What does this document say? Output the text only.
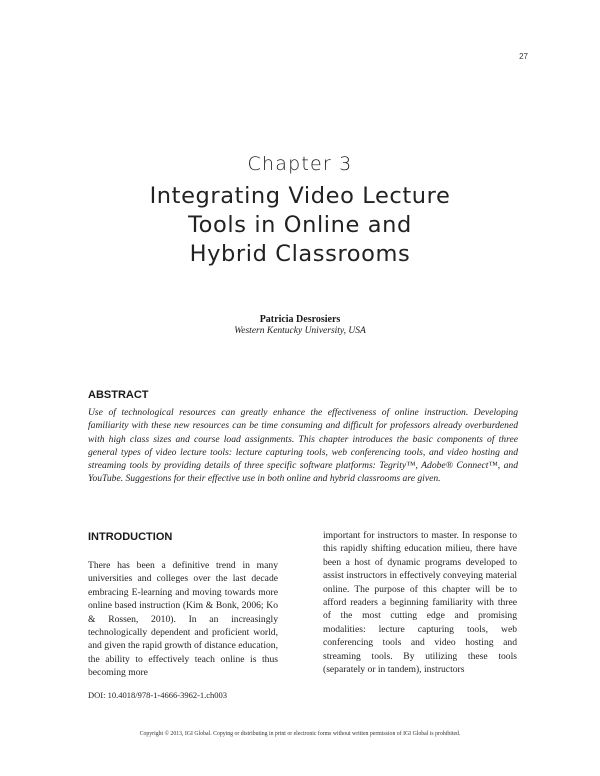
27
Chapter 3
Integrating Video Lecture
Tools in Online and
Hybrid Classrooms
Patricia Desrosiers
Western Kentucky University, USA
ABSTRACT

Use of technological resources can greatly enhance the effectiveness of online instruction. Developing familiarity with these new resources can be time consuming and difficult for professors already overburdened with high class sizes and course load assignments. This chapter introduces the basic components of three general types of video lecture tools: lecture capturing tools, web conferencing tools, and video hosting and streaming tools by providing details of three specific software platforms: Tegrity™, Adobe® Connect™, and YouTube. Suggestions for their effective use in both online and hybrid classrooms are given.

INTRODUCTION

There has been a definitive trend in many universities and colleges over the last decade embracing E-learning and moving towards more online based instruction (Kim & Bonk, 2006; Ko & Rossen, 2010). In an increasingly technologically dependent and proficient world, and given the rapid growth of distance education, the ability to effectively teach online is thus becoming more

important for instructors to master. In response to this rapidly shifting education milieu, there have been a host of dynamic programs developed to assist instructors in effectively conveying material online. The purpose of this chapter will be to afford readers a beginning familiarity with three of the most cutting edge and promising modalities: lecture capturing tools, web conferencing tools and video hosting and streaming tools. By utilizing these tools (separately or in tandem), instructors

DOI: 10.4018/978-1-4666-3962-1.ch003
Copyright © 2013, IGI Global. Copying or distributing in print or electronic forms without written permission of IGI Global is prohibited.
